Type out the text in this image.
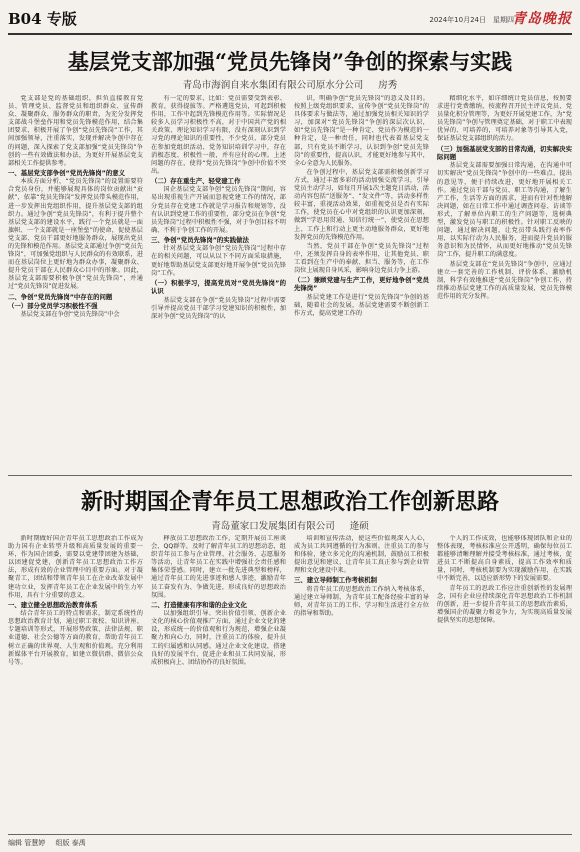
B04 专版	2024年10月24日　星期四
青岛晚报
基层党支部加强“党员先锋岗”争创的探索与实践
青岛市海润自来水集团有限公司原水分公司 房秀

党支部是党的基础组织，担负直接教育党员、管理党员、监督党员和组织群众、宣传群众、凝聚群众、服务群众的职责，为充分发挥党支部战斗堡垒作用和党员先锋模范作用，结合集团要求，积极开展了争创“党员先锋岗”工作，其间加强领导，注重落实，发现并解决争创中存在的问题，深入探索了党支部加强“党员先锋岗”争创的一些有效做法和办法，为更好开展基层党支部相关工作提供参考。

一、基层党支部争创“党员先锋岗”的意义

本质方面分析，“党员先锋岗”的设置需要符合党员身份，并能够展现具体的岗位贡献出“贡献”，依靠“党员先锋岗”发挥党员带头模范作用，进一步发挥出党组织作用，提升基层党支部的组织力。通过争创“党员先锋岗”，有利于提升整个基层党支部的建设水平，践行一个党员就是一面旗帜、一个支部就是一座堡垒”的使命，促使基层党支部、党员干部更好地服务群众，展现出党员的先锋和模范作用。基层党支部通过争创“党员先锋岗”，可加强党组织与人民群众的有效联系，进而在基层岗位上更好地为群众办事，凝聚群众、提升党员干部在人民群众心目中的形象。因此，基层党支部需要积极争创“党员先锋岗”，并通过“党员先锋岗”促进发展。

二、争创“党员先锋岗”中存在的问题

（一）部分党员学习积极性不强

基层党支部在争创“党员先锋岗”中会

有一定的要求，比如：党员需要受到表彰、教育，获得提拔等。严格遴选党员，可起到积极作用，工作中起到先锋模范作用等。实际情况是较多人员学习积极性不高，对于中国共产党的相关政策、理论知识学习有限，没有深刻认识到学习党的理论知识的重要性，不少党员、部分党员在参加党组织活动、党务知识培训学习中，存在消极态度、积极性一般，并有应付的心理。上述问题的存在，使得“党员先锋岗”争创中价值不突出。

（二）存在重生产、轻党建工作

国企基层党支部争创“党员先锋岗”期间，容易出现重视生产开展而忽视党建工作的情况，部分党员存在党建工作就是学习报告和规划等，没有认识到党建工作的重要性，部分党员在争创“党员先锋岗”过程中积极性不强，对于争创目标不明确、不利于争创工作的开展。

三、争创“党员先锋岗”的实践做法

针对基层党支部争创“党员先锋岗”过程中存在的相关问题，可以从以下不同方面采取措施，更好地帮助基层党支部更好地开展争创“党员先锋岗”工作。

（一）积极学习，提高党员对“党员先锋岗”的认识

基层党支部在争创“党员先锋岗”过程中需要引导并提高党员干部学习党建知识的积极性，加深对争创“党员先锋岗”的认

识，明确争创“党员先锋岗”的意义及目的。按照上级党组织要求，宣传争创“党员先锋岗”的具体要求与做法等，通过加强党员相关知识的学习，加深对“党员先锋岗”争创的深层次认识，如“党员先锋岗”是一种肯定、党员作为模范的一种肯定，是一种责任，同时也代表着基层党支部，只有党员不断学习，认识到争创“党员先锋岗”的重要性，提高认识，才能更好地参与其中，全心全意为人民服务。

在争创过程中，基层党支部需积极创新学习方式，通过丰富多彩的活动加强交流学习，引导党员主动学习，如每月开展1次主题党日活动，活动内容包括“送服务”、“发文件”等，活动多样性较丰富，重视活动效果，如重视党员是否有实际工作，使党员在心中对党组织的认识更加深刻，做到“学思用贯通、知信行统一”，使党员在思想上、工作上和行动上更主动地服务群众，更好地发挥党员的先锋模范作用。

当然，党员干部在争创“党员先锋岗”过程中，还须发挥自身的表率作用，让其他党员、职工看到在生产中的奉献、担当、服务等，在工作岗位上展现自身风采，影响身边党员力争上游。

（二）兼顾党建与生产工作，更好地争创“党员先锋岗”

基层党建工作是进行“党员先锋岗”争创的基础，随着社会的发展，基层党建需要不断创新工作方式，提高党建工作的

精细化水平，如详细统计党员信息，按照要求进行党费缴纳，按流程召开民主评议党员、党员量化积分管理等，为更好开展党建工作，为“党员先锋岗”争创与管理奠定基础，对于职工中表现优异的、可培养的，可培养对象等引导其入党，保证基层党支部组织的活力。

（三）加强基层党支部的目常沟通，切实解决实际问题

基层党支部需要加强日常沟通，在沟通中可切实解决“党员先锋岗”争创中的一些难点、提出的意见等，便于持续改进，更好地开展相关工作。通过党员干部与党员、职工等沟通，了解生产工作，生活等方面的需求，进而有针对性地解决问题，如在日常工作中通过调查问卷、访谈等形式，了解单位内职工的生产问题等，选树典型，激发党员与职工的积极性。针对职工反映的问题，通过解决问题，让党员带头践行表率作用，以实际行动为人民服务，进而提升党员的服务意识和为民情怀，从而更好地推动“党员先锋岗”工作，提升职工的满意度。

基层党支部在“党员先锋岗”争创中，应通过建立一套完善的工作机制、评价体系、激励机制，科学有效地推进“党员先锋岗”争创工作，持续推动基层党建工作的高质量发展，党员先锋模范作用的充分发挥。

新时期国企青年员工思想政治工作创新思路
青岛董家口发展集团有限公司 逄硕

新时期做好国企青年员工思想政治工作成为助力国有企业转型升级和高质量发展的重要一环，作为国企团委，需要以党建带团建为基础，以团建促党建，创新青年员工思想政治工作方法，形成有效的企业管理中的重要方面。对于凝聚青工，团结和带领青年员工在企业改革发展中建功立业，发挥青年员工在企业发展中的生力军作用，具有十分重要的意义。

一、建立健全思想政治教育体系

结合青年员工的特点和需求，制定系统性的思想政治教育计划，通过职工夜校、知识讲座、专题培训等形式，开展形势政策、法律法规、职业道德、社会公德等方面的教育，帮助青年员工树立正确的世界观、人生观和价值观。充分利用新媒体平台开展教育，如建立微信群、微信公众号等。

释放员工思想政治工作，定期开展员工座谈会、QQ群等，及时了解青年员工的思想动态，组织青年员工参与企业管理、社会服务、志愿服务等活动，让青年员工在实践中增强社会责任感和集体荣誉感。同时，建立一批先进典型和榜样，通过青年员工的先进事迹和感人事迹，激励青年员工奋发有为、争做先进，形成良好的思想政治氛围。

二、打造健康有序和谐的企业文化

以加强组织引导、突出价值引领、创新企业文化的核心价值观推广方面，通过企业文化的建设，形成统一的价值观和行为规范，增强企业凝聚力和向心力，同时，注重员工的体验，提升员工的归属感和认同感。通过企业文化建设，搭建良好的发展平台，促进企业和员工共同发展，形成积极向上、团结协作的良好氛围。

培训和宣传活动，使这些价值观深入人心，成为员工共同遵循的行为准则。注重员工的参与和体验，建立多元化的沟通机制，鼓励员工积极提出意见和建议，让青年员工真正参与到企业管理和文化建设中来。

三、建立导师制工作考核机制

将青年员工的思想政治工作纳入考核体系，通过建立导师制，为青年员工配备经验丰富的导师，对青年员工的工作、学习和生活进行全方位的指导和帮助。

个人的工作成效，也能够体现团队和企业的整体表现，考核标准应公开透明，确保每位员工都能够清晰理解并接受考核标准，通过考核，促进员工不断提高自身素质，提高工作效率和质量，同时，考核机制要为实现激励作用，在实践中不断完善，以适应新形势下的发展需要。

青年员工的思政工作应注重创新性的发展理念，国有企业应持续深化青年思想政治工作机制的创新，进一步提升青年员工的思想政治素质，增强国企的凝聚力和竞争力，为实现高质量发展提供坚实的思想保障。

编辑 管慧婷 组版 泰禹
